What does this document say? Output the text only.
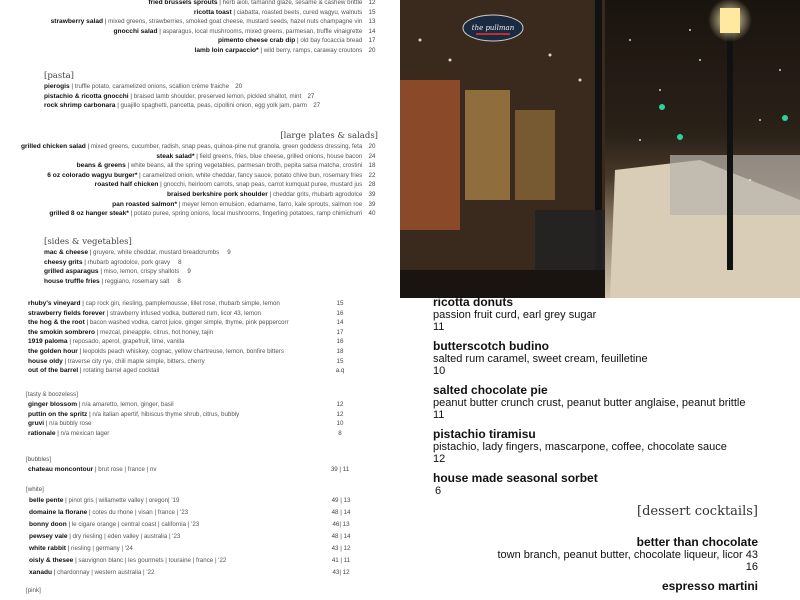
fried brussels sprouts | herb aioli, tamarind glaze, sesame & cashew brittle 12
ricotta toast | ciabatta, roasted beets, cured wagyu, walnuts 15
strawberry salad | mixed greens, strawberries, smoked goat cheese, mustard seeds, hazel nuts champagne vin 13
gnocchi salad | asparagus, local mushrooms, mixed greens, parmesan, truffle vinaigrette 14
pimento cheese crab dip | old bay focaccia bread 17
lamb loin carpaccio* | wild berry, ramps, caraway croutons 20
[pasta]
pierogis | truffle potato, caramelized onions, scallion crème fraiche 20
pistachio & ricotta gnocchi | braised lamb shoulder, preserved lemon, pickled shallot, mint 27
rock shrimp carbonara | guajillo spaghetti, pancetta, peas, cipollini onion, egg yolk jam, parm 27
[large plates & salads]
grilled chicken salad | mixed greens, cucumber, radish, snap peas, quinoa-pine nut granola, green goddess dressing, feta 20
steak salad* | field greens, fries, blue cheese, grilled onions, house bacon 24
beans & greens | white beans, all the spring vegetables, parmesan broth, pepita salsa matcha, crostini 18
6 oz colorado wagyu burger* | caramelized onion, white cheddar, fancy sauce, potato chive bun, rosemary fries 22
roasted half chicken | gnocchi, heirloom carrots, snap peas, carrot kumquat puree, mustard jus 28
braised berkshire pork shoulder | cheddar grits, rhubarb agrodolce 39
pan roasted salmon* | meyer lemon emulsion, edamame, farro, kale sprouts, salmon roe 39
grilled 8 oz hanger steak* | potato puree, spring onions, local mushrooms, fingerling potatoes, ramp chimichurri 40
[sides & vegetables]
mac & cheese | gruyere, white cheddar, mustard breadcrumbs 9
cheesy grits | rhubarb agrodolce, pork gravy 8
grilled asparagus | miso, lemon, crispy shallots 9
house truffle fries | reggiano, rosemary salt 8
rhuby's vineyard | cap rock gin, riesling, pamplemousse, lillet rose, rhubarb simple, lemon	15
strawberry fields forever | strawberry infused vodka, buttered rum, licor 43, lemon	16
the hog & the root | bacon washed vodka, carrot juice, ginger simple, thyme, pink peppercorr	14
the smokin sombrero | mezcal, pineapple, citrus, hot honey, tajin	17
1919 paloma | reposado, aperol, grapefruit, lime, vanilla	16
the golden hour | leopolds peach whiskey, cognac, yellow chartreuse, lemon, bonfire bitters	18
house oldy | traverse city rye, chili maple simple, bitters, cherry	15
out of the barrel | rotating barrel aged cocktail	a.q
[tasty & boozeless]
ginger blossom | n/a amaretto, lemon, ginger, basil	12
puttin on the spritz | n/a italian apertif, hibiscus thyme shrub, citrus, bubbly	12
gruvi | n/a bubbly rose	10
rationale | n/a mexican lager	8
[bubbles]
chateau moncontour | brut rose | france | nv	39 | 11
[white]
belle pente | pinot gris | willamette valley | oregon| '19	49 | 13
domaine la florane | cotes du rhone | visan | france | '23	48 | 14
bonny doon | le cigare orange | central coast | california | '23	46| 13
pewsey vale | dry riesling | eden valley | australia | '23	48 | 14
white rabbit | riesling | germany | '24	43 | 12
oisly & thesee | sauvignon blanc | les gourmets | touraine | france | '22	41 | 11
xanadu | chardonnay | western australia | '22	43| 12
[pink]
the pullman
ricotta donuts
passion fruit curd, earl grey sugar
11
butterscotch budino
salted rum caramel, sweet cream, feuilletine
10
salted chocolate pie
peanut butter crunch crust, peanut butter anglaise, peanut brittle
11
pistachio tiramisu
pistachio, lady fingers, mascarpone, coffee, chocolate sauce
12
house made seasonal sorbet
6
[dessert cocktails]
better than chocolate
town branch, peanut butter, chocolate liqueur, licor 43
16
espresso martini
